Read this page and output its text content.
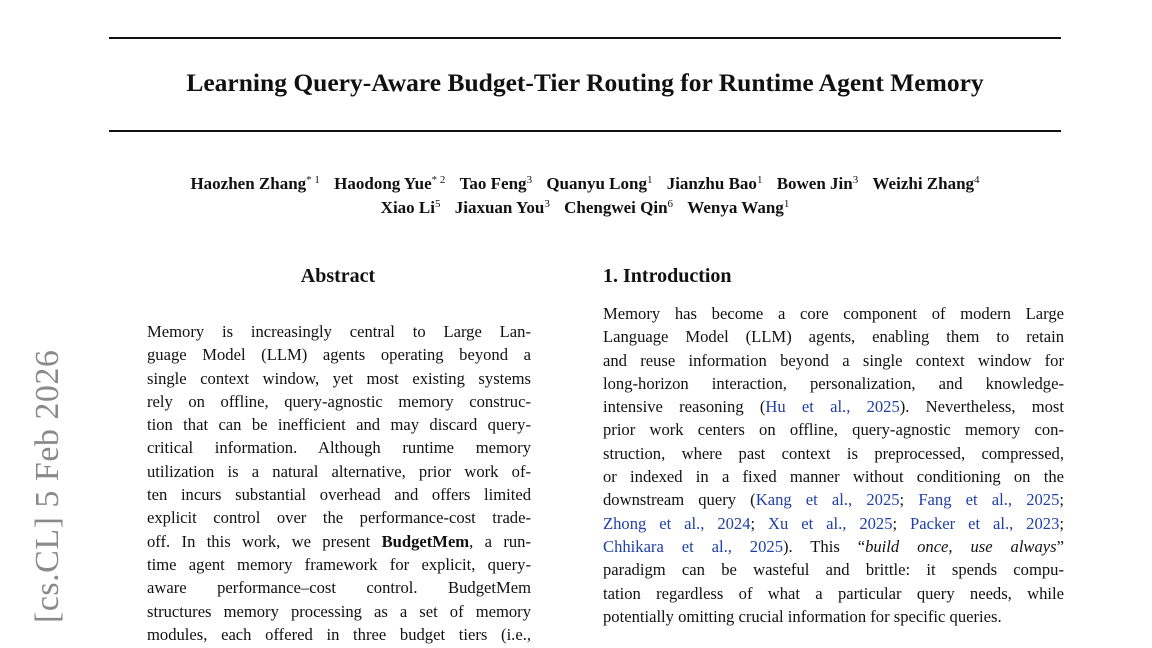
Learning Query-Aware Budget-Tier Routing for Runtime Agent Memory
Haozhen Zhang$^{* 1}$ Haodong Yue$^{* 2}$ Tao Feng$^3$ Quanyu Long$^1$ Jianzhu Bao$^1$ Bowen Jin$^3$ Weizhi Zhang$^4$
Xiao Li$^5$ Jiaxuan You$^3$ Chengwei Qin$^6$ Wenya Wang$^1$
[cs.CL] 5 Feb 2026
Abstract
Memory is increasingly central to Large Lan-
guage Model (LLM) agents operating beyond a
single context window, yet most existing systems
rely on offline, query-agnostic memory construc-
tion that can be inefficient and may discard query-
critical information. Although runtime memory
utilization is a natural alternative, prior work of-
ten incurs substantial overhead and offers limited
explicit control over the performance-cost trade-
off. In this work, we present BudgetMem, a run-
time agent memory framework for explicit, query-
aware performance–cost control. BudgetMem
structures memory processing as a set of memory
modules, each offered in three budget tiers (i.e.,
1. Introduction
Memory has become a core component of modern Large
Language Model (LLM) agents, enabling them to retain
and reuse information beyond a single context window for
long-horizon interaction, personalization, and knowledge-
intensive reasoning (Hu et al., 2025). Nevertheless, most
prior work centers on offline, query-agnostic memory con-
struction, where past context is preprocessed, compressed,
or indexed in a fixed manner without conditioning on the
downstream query (Kang et al., 2025; Fang et al., 2025;
Zhong et al., 2024; Xu et al., 2025; Packer et al., 2023;
Chhikara et al., 2025). This “build once, use always”
paradigm can be wasteful and brittle: it spends compu-
tation regardless of what a particular query needs, while
potentially omitting crucial information for specific queries.
